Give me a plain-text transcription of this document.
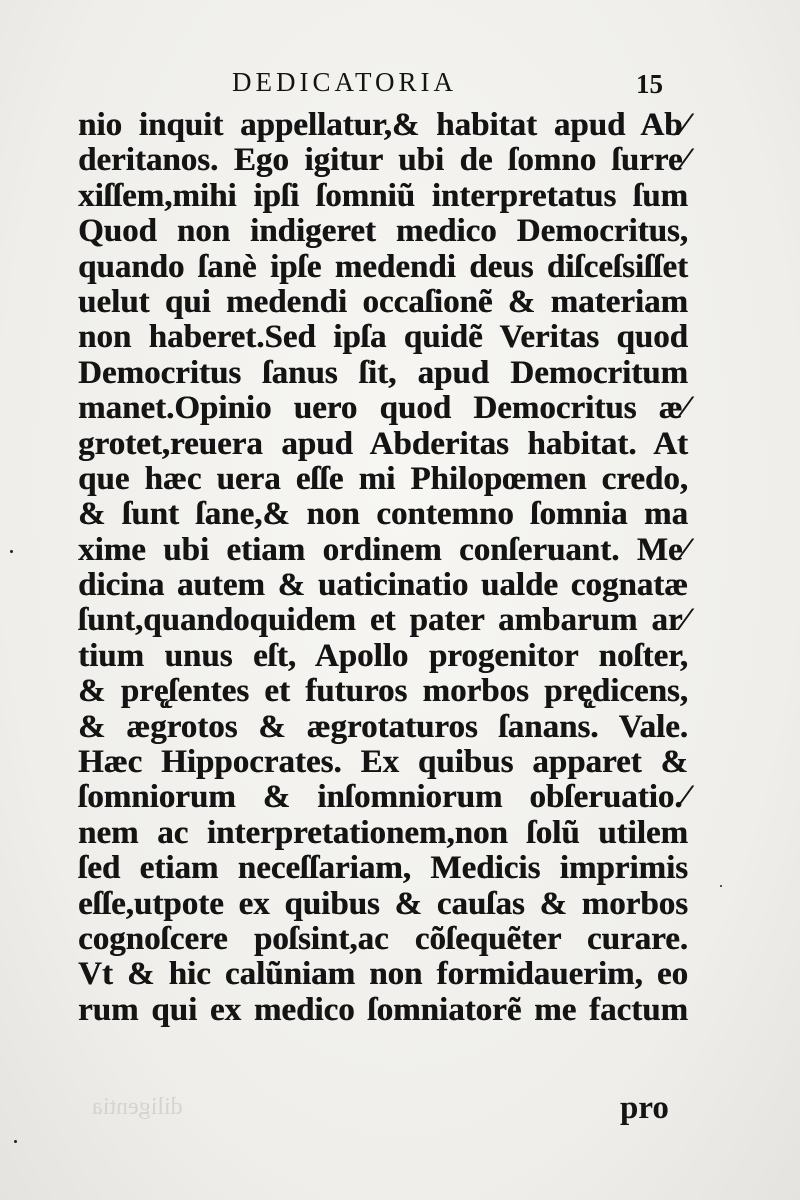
DEDICATORIA	15
nio inquit appellatur,& habitat apud Ab⁄
deritanos. Ego igitur ubi de ſomno ſurre⁄
xiſſem,mihi ipſi ſomniũ interpretatus ſum
Quod non indigeret medico Democritus,
quando ſanè ipſe medendi deus diſceſsiſſet
uelut qui medendi occaſionẽ & materiam
non haberet.Sed ipſa quidẽ Veritas quod
Democritus ſanus ſit, apud Democritum
manet.Opinio uero quod Democritus æ⁄
grotet,reuera apud Abderitas habitat. At
que hæc uera eſſe mi Philopœmen credo,
& ſunt ſane,& non contemno ſomnia ma
xime ubi etiam ordinem conſeruant. Me⁄
dicina autem & uaticinatio ualde cognatæ
ſunt,quandoquidem et pater ambarum ar⁄
tium unus eſt, Apollo progenitor noſter,
& prę̨ſentes et futuros morbos prę̨dicens,
& ægrotos & ægrotaturos ſanans. Vale.
Hæc Hippocrates. Ex quibus apparet &
ſomniorum & inſomniorum obſeruatio.⁄
nem ac interpretationem,non ſolũ utilem
ſed etiam neceſſariam, Medicis imprimis
eſſe,utpote ex quibus & cauſas & morbos
cognoſcere poſsint,ac cõſequẽter curare.
Vt & hic calũniam non formidauerim, eo
rum qui ex medico ſomniatorẽ me factum
diligentia	pro
